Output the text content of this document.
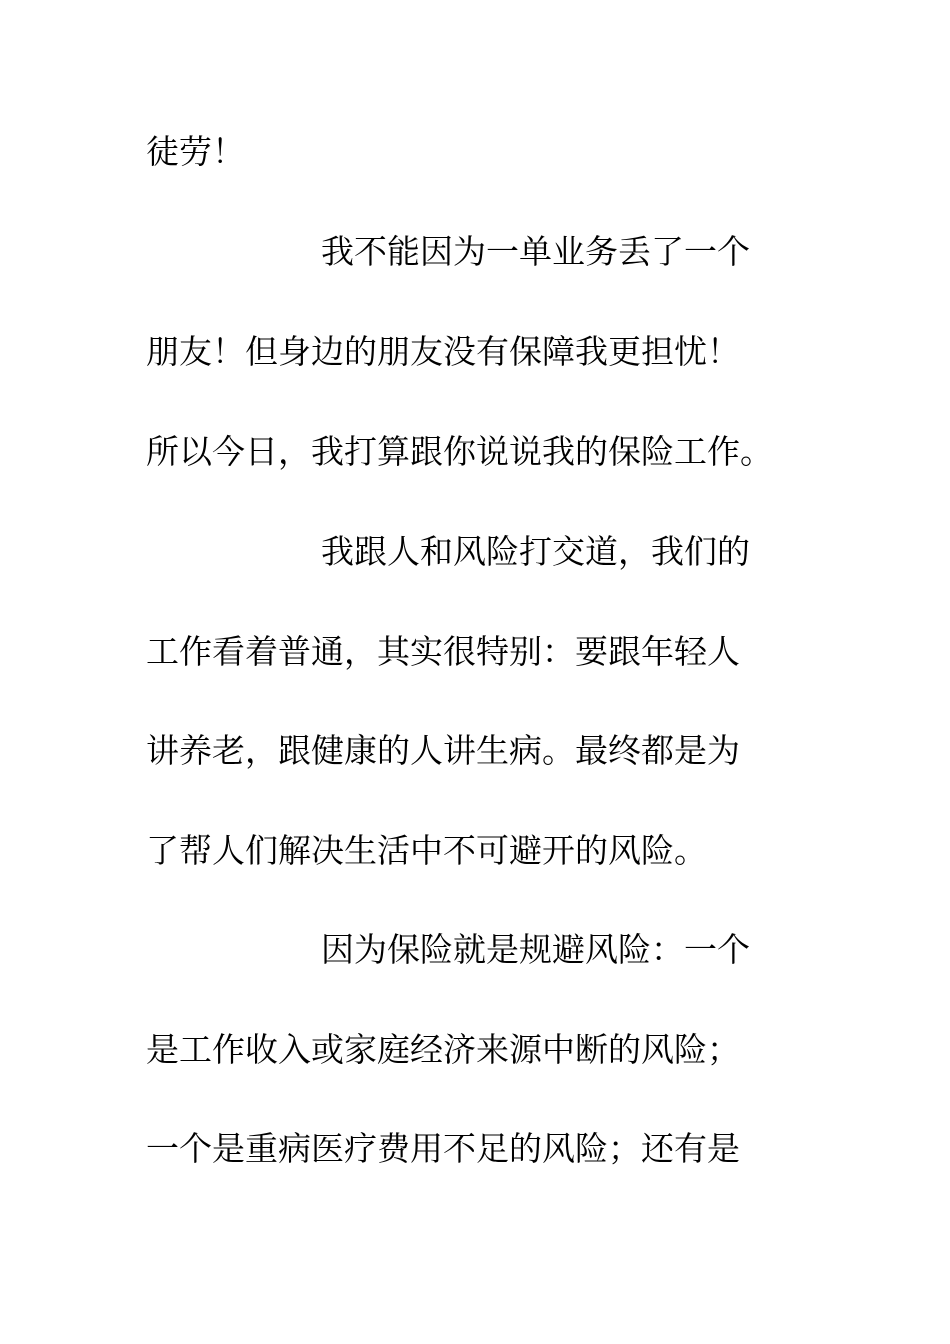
徒劳！

我不能因为一单业务丢了一个

朋友！但身边的朋友没有保障我更担忧！

所以今日，我打算跟你说说我的保险工作。

我跟人和风险打交道，我们的

工作看着普通，其实很特别：要跟年轻人

讲养老，跟健康的人讲生病。最终都是为

了帮人们解决生活中不可避开的风险。

因为保险就是规避风险：一个

是工作收入或家庭经济来源中断的风险；

一个是重病医疗费用不足的风险；还有是
